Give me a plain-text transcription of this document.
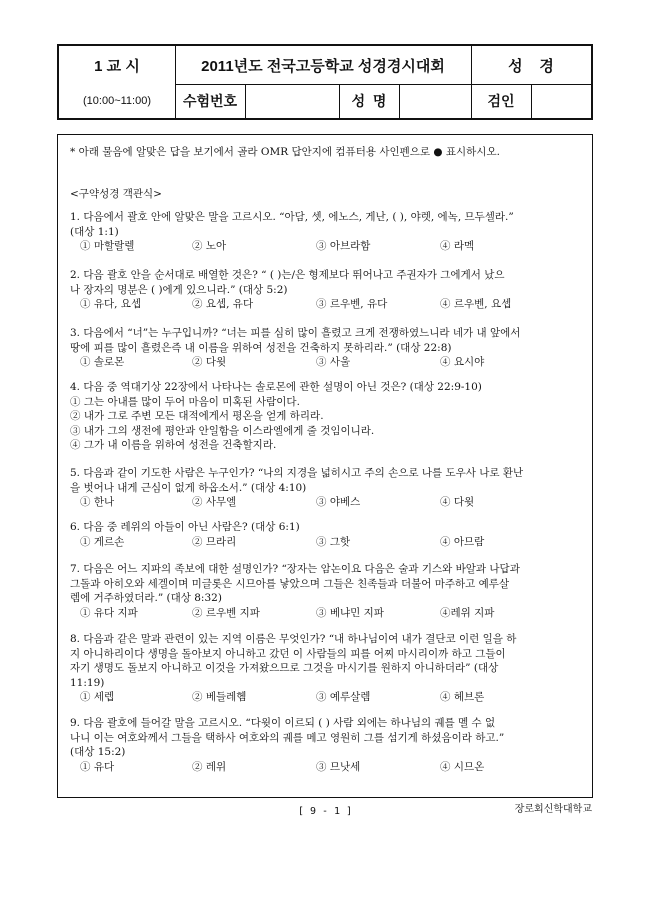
1 교 시
(10:00~11:00)
2011년도 전국고등학교 성경경시대회	성    경
수험번호	성  명	검인
* 아래 물음에 알맞은 답을 보기에서 골라 OMR 답안지에 컴퓨터용 사인펜으로 ● 표시하시오.
<구약성경 객관식>
1. 다음에서 괄호 안에 알맞은 말을 고르시오. “아담, 셋, 에노스, 게난, ( ), 야렛, 에녹, 므두셀라.”
(대상 1:1)
① 마할랄렐	② 노아	③ 아브라함	④ 라멕
2. 다음 괄호 안을 순서대로 배열한 것은? “ ( )는/은 형제보다 뛰어나고 주권자가 그에게서 났으
나 장자의 명분은 ( )에게 있으니라.” (대상 5:2)
① 유다, 요셉	② 요셉, 유다	③ 르우벤, 유다	④ 르우벤, 요셉
3. 다음에서 “너”는 누구입니까? “너는 피를 심히 많이 흘렸고 크게 전쟁하였느니라 네가 내 앞에서
땅에 피를 많이 흘렸은즉 내 이름을 위하여 성전을 건축하지 못하리라.” (대상 22:8)
① 솔로몬	② 다윗	③ 사울	④ 요시야
4. 다음 중 역대기상 22장에서 나타나는 솔로몬에 관한 설명이 아닌 것은? (대상 22:9-10)
① 그는 아내를 많이 두어 마음이 미혹된 사람이다.
② 내가 그로 주변 모든 대적에게서 평온을 얻게 하리라.
③ 내가 그의 생전에 평안과 안일함을 이스라엘에게 줄 것임이니라.
④ 그가 내 이름을 위하여 성전을 건축할지라.
5. 다음과 같이 기도한 사람은 누구인가? “나의 지경을 넓히시고 주의 손으로 나를 도우사 나로 환난
을 벗어나 내게 근심이 없게 하옵소서.” (대상 4:10)
① 한나	② 사무엘	③ 야베스	④ 다윗
6. 다음 중 레위의 아들이 아닌 사람은? (대상 6:1)
① 게르손	② 므라리	③ 그핫	④ 아므람
7. 다음은 어느 지파의 족보에 대한 설명인가? “장자는 암논이요 다음은 술과 기스와 바알과 나답과
그돌과 아히오와 세겔이며 미글롯은 시므아를 낳았으며 그들은 친족들과 더불어 마주하고 예루살
렘에 거주하였더라.” (대상 8:32)
① 유다 지파	② 르우벤 지파	③ 베냐민 지파	④레위 지파
8. 다음과 같은 말과 관련이 있는 지역 이름은 무엇인가? “내 하나님이여 내가 결단코 이런 일을 하
지 아니하리이다 생명을 돌아보지 아니하고 갔던 이 사람들의 피를 어찌 마시리이까 하고 그들이
자기 생명도 돌보지 아니하고 이것을 가져왔으므로 그것을 마시기를 원하지 아니하더라” (대상
11:19)
① 세렙	② 베들레헴	③ 예루살렘	④ 헤브론
9. 다음 괄호에 들어갈 말을 고르시오. “다윗이 이르되 ( ) 사람 외에는 하나님의 궤를 멜 수 없
나니 이는 여호와께서 그들을 택하사 여호와의 궤를 메고 영원히 그를 섬기게 하셨음이라 하고.”
(대상 15:2)
① 유다	② 레위	③ 므낫세	④ 시므온
장로회신학대학교
[ 9 - 1 ]
